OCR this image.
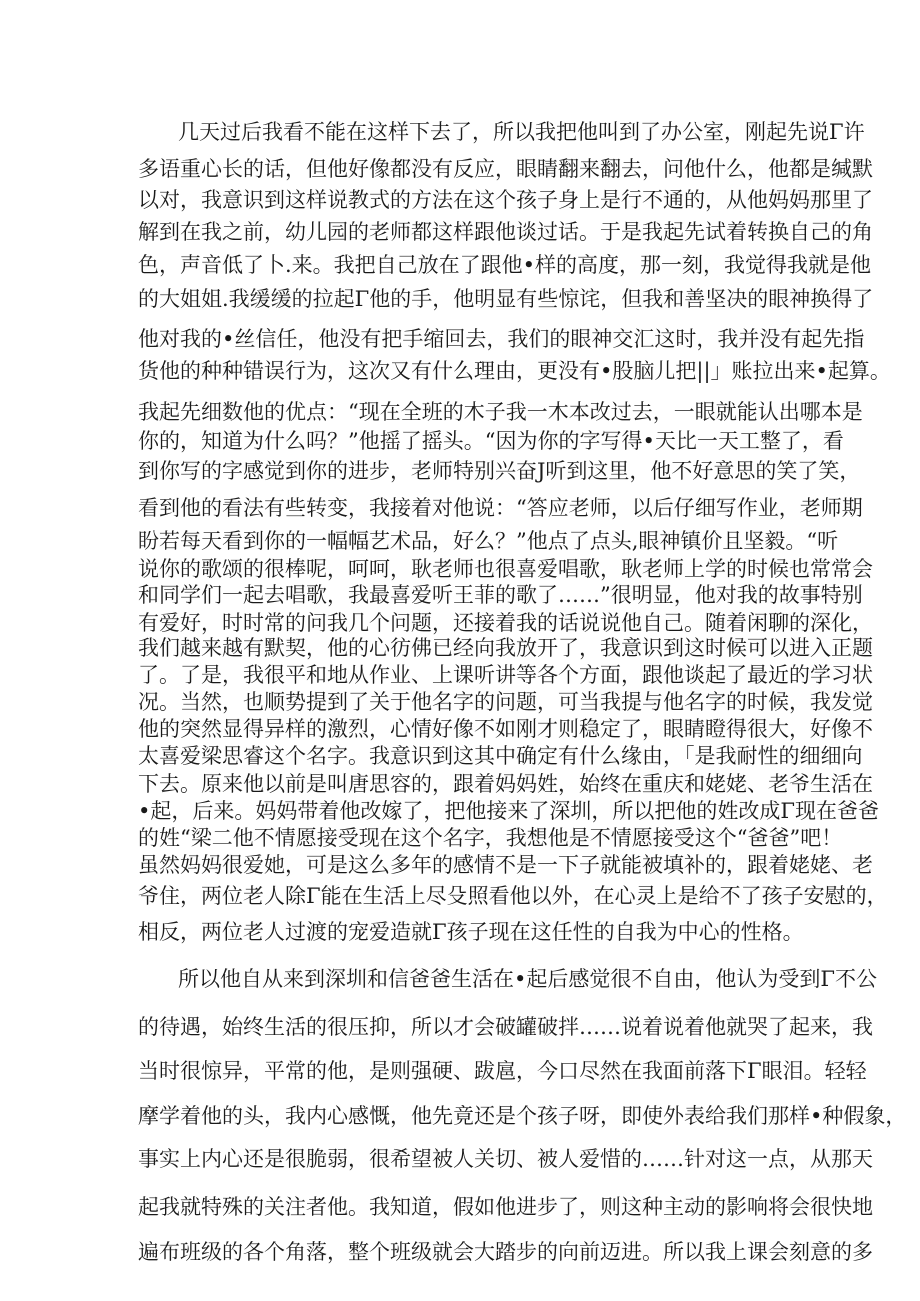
几天过后我看不能在这样下去了，所以我把他叫到了办公室，刚起先说Γ许
多语重心长的话，但他好像都没有反应，眼睛翻来翻去，问他什么，他都是缄默
以对，我意识到这样说教式的方法在这个孩子身上是行不通的，从他妈妈那里了
解到在我之前，幼儿园的老师都这样跟他谈过话。于是我起先试着转换自己的角
色，声音低了卜.来。我把自己放在了跟他•样的高度，那一刻，我觉得我就是他
的大姐姐.我缓缓的拉起Γ他的手，他明显有些惊诧，但我和善坚决的眼神换得了
他对我的•丝信任，他没有把手缩回去，我们的眼神交汇这时，我并没有起先指
货他的种种错误行为，这次又有什么理由，更没有•股脑儿把||」账拉出来•起算。
我起先细数他的优点：“现在全班的木子我一木本改过去，一眼就能认出哪本是
你的，知道为什么吗？”他摇了摇头。“因为你的字写得•天比一天工整了，看
到你写的字感觉到你的进步，老师特别兴奋J听到这里，他不好意思的笑了笑，
看到他的看法有些转变，我接着对他说：“答应老师，以后仔细写作业，老师期
盼若每天看到你的一幅幅艺术品，好么？”他点了点头,眼神镇价且坚毅。“听
说你的歌颂的很棒呢，呵呵，耿老师也很喜爱唱歌，耿老师上学的时候也常常会
和同学们一起去唱歌，我最喜爱听王菲的歌了……”很明显，他对我的故事特别
有爱好，时时常的问我几个问题，还接着我的话说说他自己。随着闲聊的深化，
我们越来越有默契，他的心彷佛已经向我放开了，我意识到这时候可以进入正题
了。了是，我很平和地从作业、上课听讲等各个方面，跟他谈起了最近的学习状
况。当然，也顺势提到了关于他名字的问题，可当我提与他名字的时候，我发觉
他的突然显得异样的激烈，心情好像不如刚才则稳定了，眼睛瞪得很大，好像不
太喜爱梁思睿这个名字。我意识到这其中确定有什么缘由，「是我耐性的细细向
下去。原来他以前是叫唐思容的，跟着妈妈姓，始终在重庆和姥姥、老爷生活在
•起，后来。妈妈带着他改嫁了，把他接来了深圳，所以把他的姓改成Γ现在爸爸
的姓“梁二他不情愿接受现在这个名字，我想他是不情愿接受这个“爸爸”吧！
虽然妈妈很爱她，可是这么多年的感情不是一下子就能被填补的，跟着姥姥、老
爷住，两位老人除Γ能在生活上尽殳照看他以外，在心灵上是给不了孩子安慰的，
相反，两位老人过渡的宠爱造就Γ孩子现在这任性的自我为中心的性格。
所以他自从来到深圳和信爸爸生活在•起后感觉很不自由，他认为受到Γ不公
的待遇，始终生活的很压抑，所以才会破罐破拌……说着说着他就哭了起来，我
当时很惊异，平常的他，是则强硬、跋扈，今口尽然在我面前落下Γ眼泪。轻轻
摩学着他的头，我内心感慨，他先竟还是个孩子呀，即使外表给我们那样•种假象，
事实上内心还是很脆弱，很希望被人关切、被人爱惜的……针对这一点，从那天
起我就特殊的关注者他。我知道，假如他进步了，则这种主动的影响将会很快地
遍布班级的各个角落，整个班级就会大踏步的向前迈进。所以我上课会刻意的多
